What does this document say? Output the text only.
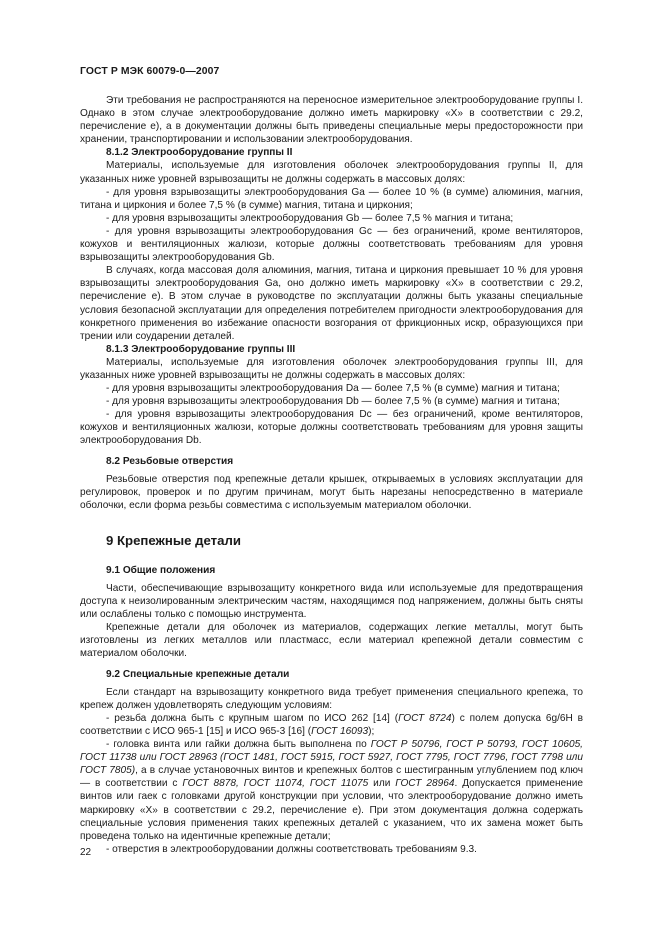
ГОСТ Р МЭК 60079-0—2007

Эти требования не распространяются на переносное измерительное электрооборудование группы I. Однако в этом случае электрооборудование должно иметь маркировку «Х» в соответствии с 29.2, перечисление е), а в документации должны быть приведены специальные меры предосторожности при хранении, транспортировании и использовании электрооборудования.

8.1.2 Электрооборудование группы II

Материалы, используемые для изготовления оболочек электрооборудования группы II, для указанных ниже уровней взрывозащиты не должны содержать в массовых долях:

- для уровня взрывозащиты электрооборудования Ga — более 10 % (в сумме) алюминия, магния, титана и циркония и более 7,5 % (в сумме) магния, титана и циркония;

- для уровня взрывозащиты электрооборудования Gb — более 7,5 % магния и титана;

- для уровня взрывозащиты электрооборудования Gc — без ограничений, кроме вентиляторов, кожухов и вентиляционных жалюзи, которые должны соответствовать требованиям для уровня взрывозащиты электрооборудования Gb.

В случаях, когда массовая доля алюминия, магния, титана и циркония превышает 10 % для уровня взрывозащиты электрооборудования Ga, оно должно иметь маркировку «Х» в соответствии с 29.2, перечисление е). В этом случае в руководстве по эксплуатации должны быть указаны специальные условия безопасной эксплуатации для определения потребителем пригодности электрооборудования для конкретного применения во избежание опасности возгорания от фрикционных искр, образующихся при трении или соударении деталей.

8.1.3 Электрооборудование группы III

Материалы, используемые для изготовления оболочек электрооборудования группы III, для указанных ниже уровней взрывозащиты не должны содержать в массовых долях:

- для уровня взрывозащиты электрооборудования Da — более 7,5 % (в сумме) магния и титана;

- для уровня взрывозащиты электрооборудования Db — более 7,5 % (в сумме) магния и титана;

- для уровня взрывозащиты электрооборудования Dc — без ограничений, кроме вентиляторов, кожухов и вентиляционных жалюзи, которые должны соответствовать требованиям для уровня защиты электрооборудования Db.

8.2 Резьбовые отверстия

Резьбовые отверстия под крепежные детали крышек, открываемых в условиях эксплуатации для регулировок, проверок и по другим причинам, могут быть нарезаны непосредственно в материале оболочки, если форма резьбы совместима с используемым материалом оболочки.

9 Крепежные детали
9.1 Общие положения

Части, обеспечивающие взрывозащиту конкретного вида или используемые для предотвращения доступа к неизолированным электрическим частям, находящимся под напряжением, должны быть сняты или ослаблены только с помощью инструмента.

Крепежные детали для оболочек из материалов, содержащих легкие металлы, могут быть изготовлены из легких металлов или пластмасс, если материал крепежной детали совместим с материалом оболочки.

9.2 Специальные крепежные детали

Если стандарт на взрывозащиту конкретного вида требует применения специального крепежа, то крепеж должен удовлетворять следующим условиям:

- резьба должна быть с крупным шагом по ИСО 262 [14] (ГОСТ 8724) с полем допуска 6g/6H в соответствии с ИСО 965-1 [15] и ИСО 965-3 [16] (ГОСТ 16093);

- головка винта или гайки должна быть выполнена по ГОСТ Р 50796, ГОСТ Р 50793, ГОСТ 10605, ГОСТ 11738 или ГОСТ 28963 (ГОСТ 1481, ГОСТ 5915, ГОСТ 5927, ГОСТ 7795, ГОСТ 7796, ГОСТ 7798 или ГОСТ 7805), а в случае установочных винтов и крепежных болтов с шестигранным углублением под ключ — в соответствии с ГОСТ 8878, ГОСТ 11074, ГОСТ 11075 или ГОСТ 28964. Допускается применение винтов или гаек с головками другой конструкции при условии, что электрооборудование должно иметь маркировку «Х» в соответствии с 29.2, перечисление е). При этом документация должна содержать специальные условия применения таких крепежных деталей с указанием, что их замена может быть проведена только на идентичные крепежные детали;

- отверстия в электрооборудовании должны соответствовать требованиям 9.3.

22
